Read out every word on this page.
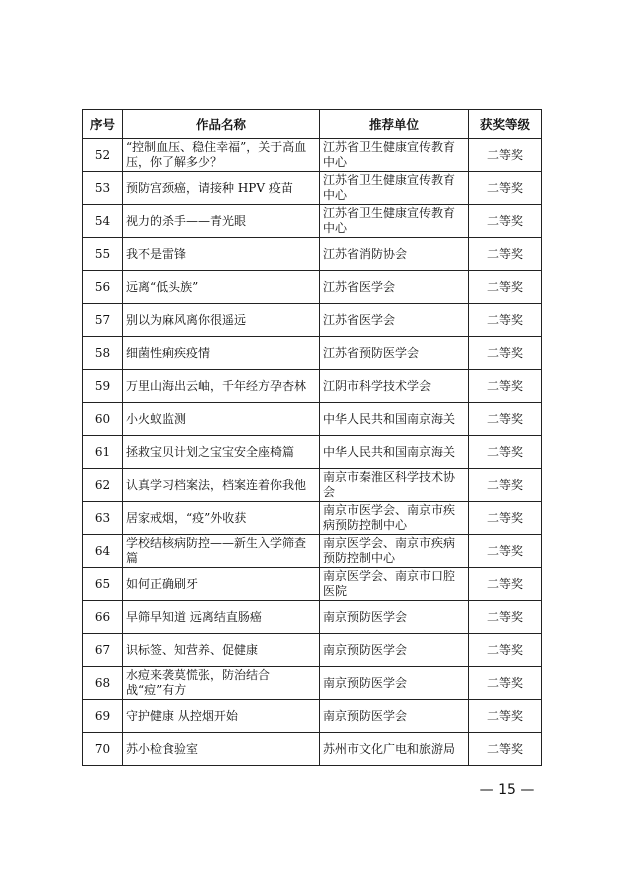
序号	作品名称	推荐单位	获奖等级
52	“控制血压、稳住幸福”，关于高血压，你了解多少？	江苏省卫生健康宣传教育中心	二等奖
53	预防宫颈癌，请接种 HPV 疫苗	江苏省卫生健康宣传教育中心	二等奖
54	视力的杀手——青光眼	江苏省卫生健康宣传教育中心	二等奖
55	我不是雷锋	江苏省消防协会	二等奖
56	远离“低头族”	江苏省医学会	二等奖
57	别以为麻风离你很遥远	江苏省医学会	二等奖
58	细菌性痢疾疫情	江苏省预防医学会	二等奖
59	万里山海出云岫，千年经方孕杏林	江阴市科学技术学会	二等奖
60	小火蚁监测	中华人民共和国南京海关	二等奖
61	拯救宝贝计划之宝宝安全座椅篇	中华人民共和国南京海关	二等奖
62	认真学习档案法，档案连着你我他	南京市秦淮区科学技术协会	二等奖
63	居家戒烟，“疫”外收获	南京市医学会、南京市疾病预防控制中心	二等奖
64	学校结核病防控——新生入学筛查篇	南京医学会、南京市疾病预防控制中心	二等奖
65	如何正确刷牙	南京医学会、南京市口腔医院	二等奖
66	早筛早知道 远离结直肠癌	南京预防医学会	二等奖
67	识标签、知营养、促健康	南京预防医学会	二等奖
68	水痘来袭莫慌张，防治结合 战“痘”有方	南京预防医学会	二等奖
69	守护健康 从控烟开始	南京预防医学会	二等奖
70	苏小检食验室	苏州市文化广电和旅游局	二等奖
— 15 —
